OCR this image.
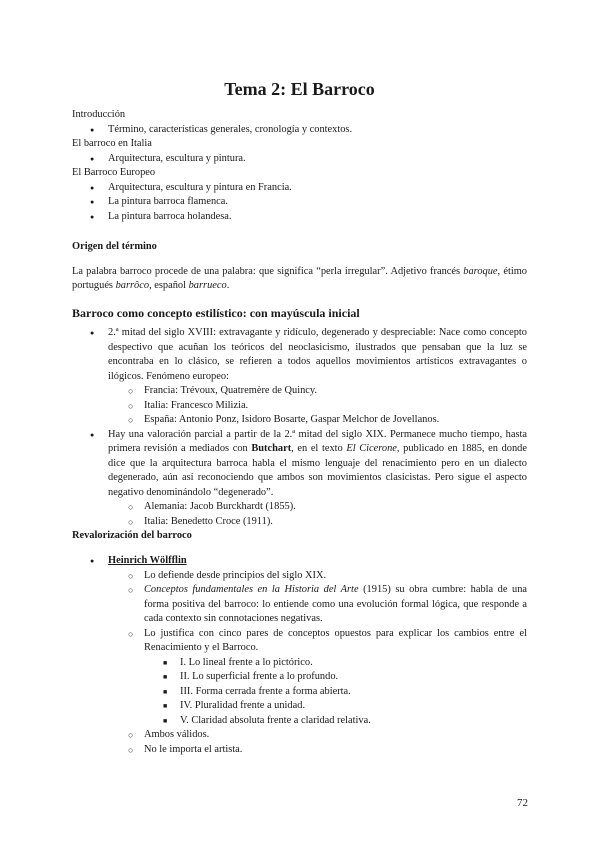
Tema 2: El Barroco

Introducción

● Término, características generales, cronología y contextos.

El barroco en Italia

● Arquitectura, escultura y pintura.

El Barroco Europeo

● Arquitectura, escultura y pintura en Francia.
● La pintura barroca flamenca.
● La pintura barroca holandesa.

Origen del término

La palabra barroco procede de una palabra: que significa “perla irregular”. Adjetivo francés baroque, étimo portugués barrôco, español barrueco.

Barroco como concepto estilístico: con mayúscula inicial

● 2.ª mitad del siglo XVIII: extravagante y ridículo, degenerado y despreciable: Nace como concepto despectivo que acuñan los teóricos del neoclasicismo, ilustrados que pensaban que la luz se encontraba en lo clásico, se refieren a todos aquellos movimientos artísticos extravagantes o ilógicos. Fenómeno europeo:
○ Francia: Trévoux, Quatremère de Quincy.
○ Italia: Francesco Milizia.
○ España: Antonio Ponz, Isidoro Bosarte, Gaspar Melchor de Jovellanos.
● Hay una valoración parcial a partir de la 2.ª mitad del siglo XIX. Permanece mucho tiempo, hasta primera revisión a mediados con Butchart, en el texto El Cicerone, publicado en 1885, en donde dice que la arquitectura barroca habla el mismo lenguaje del renacimiento pero en un dialecto degenerado, aún así reconociendo que ambos son movimientos clasicistas. Pero sigue el aspecto negativo denominándolo “degenerado”.
○ Alemania: Jacob Burckhardt (1855).
○ Italia: Benedetto Croce (1911).

Revalorización del barroco

● Heinrich Wölfflin
○ Lo defiende desde principios del siglo XIX.
○ Conceptos fundamentales en la Historia del Arte (1915) su obra cumbre: habla de una forma positiva del barroco: lo entiende como una evolución formal lógica, que responde a cada contexto sin connotaciones negativas.
○ Lo justifica con cinco pares de conceptos opuestos para explicar los cambios entre el Renacimiento y el Barroco.
■ I. Lo lineal frente a lo pictórico.
■ II. Lo superficial frente a lo profundo.
■ III. Forma cerrada frente a forma abierta.
■ IV. Pluralidad frente a unidad.
■ V. Claridad absoluta frente a claridad relativa.
○ Ambos válidos.
○ No le importa el artista.
72
